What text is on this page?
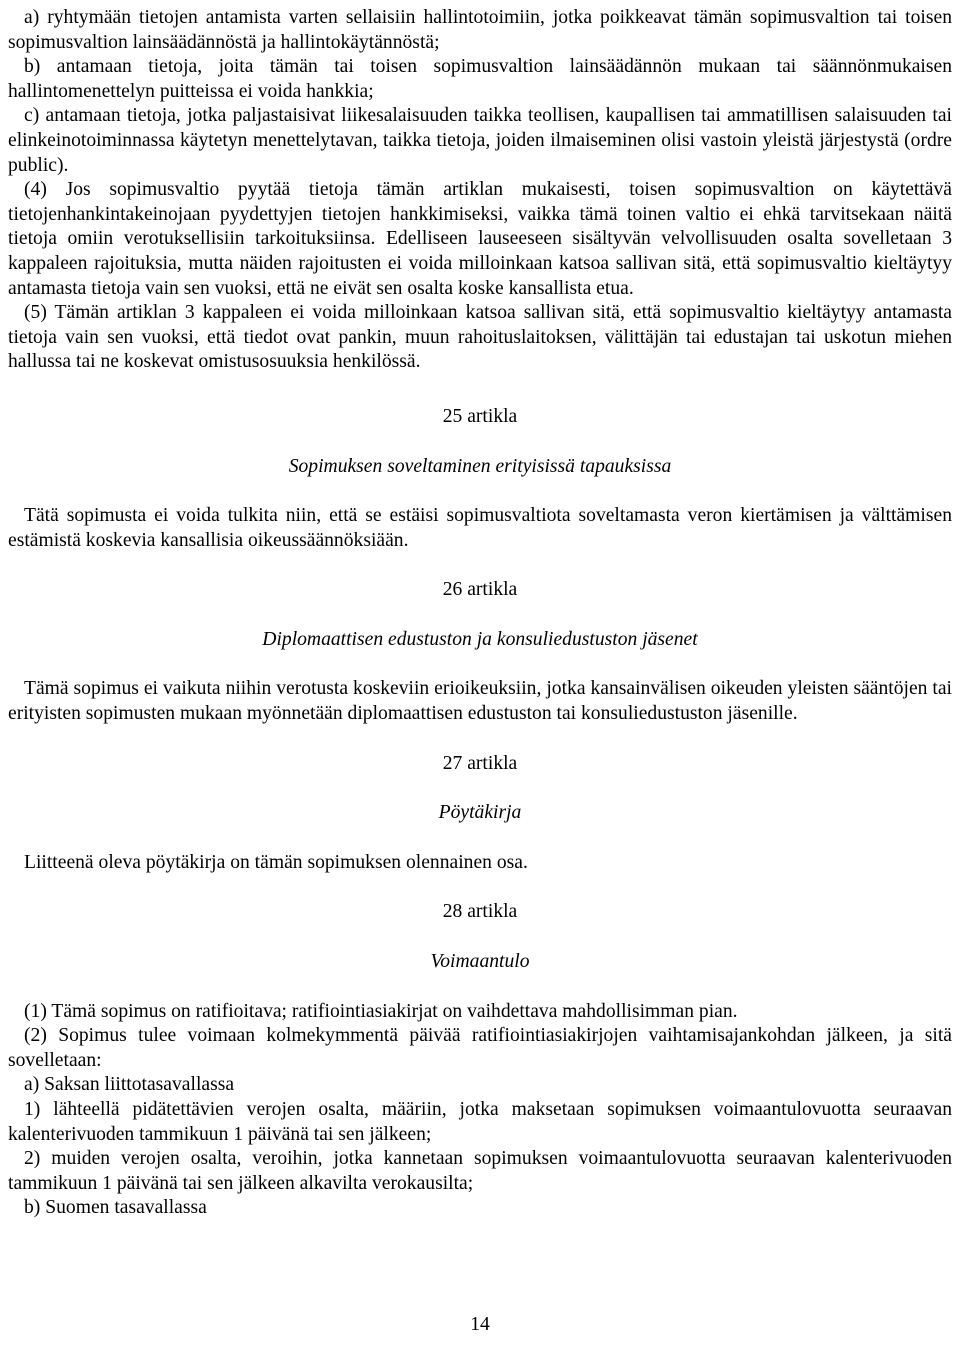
a) ryhtymään tietojen antamista varten sellaisiin hallintotoimiin, jotka poikkeavat tämän sopimusvaltion tai toisen sopimusvaltion lainsäädännöstä ja hallintokäytännöstä;

b) antamaan tietoja, joita tämän tai toisen sopimusvaltion lainsäädännön mukaan tai säännönmukaisen hallintomenettelyn puitteissa ei voida hankkia;

c) antamaan tietoja, jotka paljastaisivat liikesalaisuuden taikka teollisen, kaupallisen tai ammatillisen salaisuuden tai elinkeinotoiminnassa käytetyn menettelytavan, taikka tietoja, joiden ilmaiseminen olisi vastoin yleistä järjestystä (ordre public).

(4) Jos sopimusvaltio pyytää tietoja tämän artiklan mukaisesti, toisen sopimusvaltion on käytettävä tietojenhankintakeinojaan pyydettyjen tietojen hankkimiseksi, vaikka tämä toinen valtio ei ehkä tarvitsekaan näitä tietoja omiin verotuksellisiin tarkoituksiinsa. Edelliseen lauseeseen sisältyvän velvollisuuden osalta sovelletaan 3 kappaleen rajoituksia, mutta näiden rajoitusten ei voida milloinkaan katsoa sallivan sitä, että sopimusvaltio kieltäytyy antamasta tietoja vain sen vuoksi, että ne eivät sen osalta koske kansallista etua.

(5) Tämän artiklan 3 kappaleen ei voida milloinkaan katsoa sallivan sitä, että sopimusvaltio kieltäytyy antamasta tietoja vain sen vuoksi, että tiedot ovat pankin, muun rahoituslaitoksen, välittäjän tai edustajan tai uskotun miehen hallussa tai ne koskevat omistusosuuksia henkilössä.

25 artikla

Sopimuksen soveltaminen erityisissä tapauksissa

Tätä sopimusta ei voida tulkita niin, että se estäisi sopimusvaltiota soveltamasta veron kiertämisen ja välttämisen estämistä koskevia kansallisia oikeussäännöksiään.

26 artikla

Diplomaattisen edustuston ja konsuliedustuston jäsenet

Tämä sopimus ei vaikuta niihin verotusta koskeviin erioikeuksiin, jotka kansainvälisen oikeuden yleisten sääntöjen tai erityisten sopimusten mukaan myönnetään diplomaattisen edustuston tai konsuliedustuston jäsenille.

27 artikla

Pöytäkirja

Liitteenä oleva pöytäkirja on tämän sopimuksen olennainen osa.

28 artikla

Voimaantulo

(1) Tämä sopimus on ratifioitava; ratifiointiasiakirjat on vaihdettava mahdollisimman pian.

(2) Sopimus tulee voimaan kolmekymmentä päivää ratifiointiasiakirjojen vaihtamisajankohdan jälkeen, ja sitä sovelletaan:

a) Saksan liittotasavallassa

1) lähteellä pidätettävien verojen osalta, määriin, jotka maksetaan sopimuksen voimaantulovuotta seuraavan kalenterivuoden tammikuun 1 päivänä tai sen jälkeen;

2) muiden verojen osalta, veroihin, jotka kannetaan sopimuksen voimaantulovuotta seuraavan kalenterivuoden tammikuun 1 päivänä tai sen jälkeen alkavilta verokausilta;

b) Suomen tasavallassa

14
